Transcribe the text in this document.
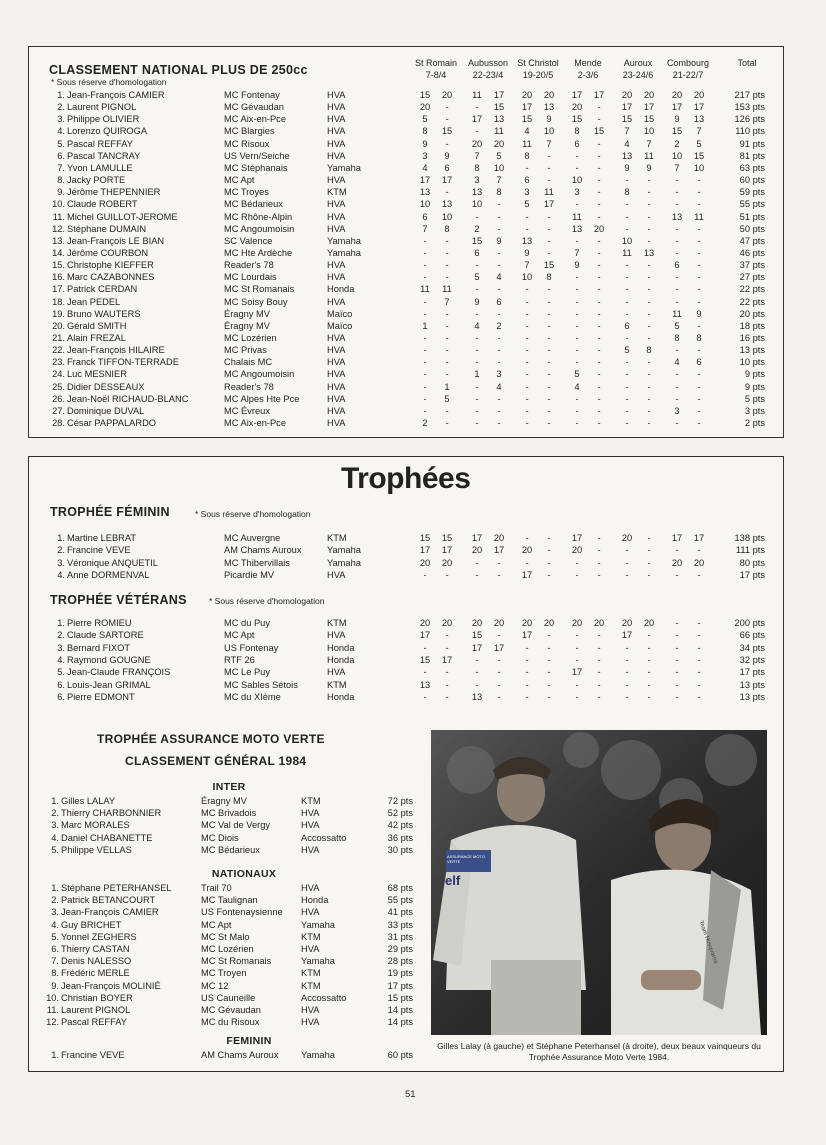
CLASSEMENT NATIONAL PLUS DE 250cc
* Sous réserve d'homologation
St Romain
7-8/4
Aubusson
22-23/4
St Christol
19-20/5
Mende
2-3/6
Auroux
23-24/6
Combourg
21-22/7
Total
1. Jean-François CAMIER	MC Fontenay	HVA	15	20	11	17	20	20	17	17	20	20	20	20	217 pts
2. Laurent PIGNOL	MC Gévaudan	HVA	20	-	-	15	17	13	20	-	17	17	17	17	153 pts
3. Philippe OLIVIER	MC Aix-en-Pce	HVA	5	-	17	13	15	9	15	-	15	15	9	13	126 pts
4. Lorenzo QUIROGA	MC Blargies	HVA	8	15	-	11	4	10	8	15	7	10	15	7	110 pts
5. Pascal REFFAY	MC Risoux	HVA	9	-	20	20	11	7	6	-	4	7	2	5	91 pts
6. Pascal TANCRAY	US Vern/Seiche	HVA	3	9	7	5	8	-	-	-	13	11	10	15	81 pts
7. Yvon LAMULLE	MC Stéphanais	Yamaha	4	6	8	10	-	-	-	-	9	9	7	10	63 pts
8. Jacky PORTE	MC Apt	HVA	17	17	3	7	6	-	10	-	-	-	-	-	60 pts
9. Jérôme THEPENNIER	MC Troyes	KTM	13	-	13	8	3	11	3	-	8	-	-	-	59 pts
10. Claude ROBERT	MC Bédarieux	HVA	10	13	10	-	5	17	-	-	-	-	-	-	55 pts
11. Michel GUILLOT-JEROME	MC Rhône-Alpin	HVA	6	10	-	-	-	-	11	-	-	-	13	11	51 pts
12. Stéphane DUMAIN	MC Angoumoisin	HVA	7	8	2	-	-	-	13	20	-	-	-	-	50 pts
13. Jean-François LE BIAN	SC Valence	Yamaha	-	-	15	9	13	-	-	-	10	-	-	-	47 pts
14. Jérôme COURBON	MC Hte Ardèche	Yamaha	-	-	6	-	9	-	7	-	11	13	-	-	46 pts
15. Christophe KIEFFER	Reader's 78	HVA	-	-	-	-	7	15	9	-	-	-	6	-	37 pts
16. Marc CAZABONNES	MC Lourdais	HVA	-	-	5	4	10	8	-	-	-	-	-	-	27 pts
17. Patrick CERDAN	MC St Romanais	Honda	11	11	-	-	-	-	-	-	-	-	-	-	22 pts
18. Jean PEDEL	MC Soisy Bouy	HVA	-	7	9	6	-	-	-	-	-	-	-	-	22 pts
19. Bruno WAUTERS	Éragny MV	Maïco	-	-	-	-	-	-	-	-	-	-	11	9	20 pts
20. Gérald SMITH	Éragny MV	Maïco	1	-	4	2	-	-	-	-	6	-	5	-	18 pts
21. Alain FREZAL	MC Lozérien	HVA	-	-	-	-	-	-	-	-	-	-	8	8	16 pts
22. Jean-François HILAIRE	MC Privas	HVA	-	-	-	-	-	-	-	-	5	8	-	-	13 pts
23. Franck TIFFON-TERRADE	Chalais MC	HVA	-	-	-	-	-	-	-	-	-	-	4	6	10 pts
24. Luc MESNIER	MC Angoumoisin	HVA	-	-	1	3	-	-	5	-	-	-	-	-	9 pts
25. Didier DESSEAUX	Reader's 78	HVA	-	1	-	4	-	-	4	-	-	-	-	-	9 pts
26. Jean-Noël RICHAUD-BLANC	MC Alpes Hte Pce	HVA	-	5	-	-	-	-	-	-	-	-	-	-	5 pts
27. Dominique DUVAL	MC Évreux	HVA	-	-	-	-	-	-	-	-	-	-	3	-	3 pts
28. César PAPPALARDO	MC Aix-en-Pce	HVA	2	-	-	-	-	-	-	-	-	-	-	-	2 pts
Trophées
TROPHÉE FÉMININ	* Sous réserve d'homologation
1. Martine LEBRAT	MC Auvergne	KTM	15	15	17	20	-	-	17	-	20	-	17	17	138 pts
2. Francine VEVE	AM Chams Auroux	Yamaha	17	17	20	17	20	-	20	-	-	-	-	-	111 pts
3. Véronique ANQUETIL	MC Thibervillais	Yamaha	20	20	-	-	-	-	-	-	-	-	20	20	80 pts
4. Anne DORMENVAL	Picardie MV	HVA	-	-	-	-	17	-	-	-	-	-	-	-	17 pts
TROPHÉE VÉTÉRANS	* Sous réserve d'homologation
1. Pierre ROMIEU	MC du Puy	KTM	20	20	20	20	20	20	20	20	20	20	-	-	200 pts
2. Claude SARTORE	MC Apt	HVA	17	-	15	-	17	-	-	-	17	-	-	-	66 pts
3. Bernard FIXOT	US Fontenay	Honda	-	-	17	17	-	-	-	-	-	-	-	-	34 pts
4. Raymond GOUGNE	RTF 26	Honda	15	17	-	-	-	-	-	-	-	-	-	-	32 pts
5. Jean-Claude FRANÇOIS	MC Le Puy	HVA	-	-	-	-	-	-	17	-	-	-	-	-	17 pts
6. Louis-Jean GRIMAL	MC Sables Sétois	KTM	13	-	-	-	-	-	-	-	-	-	-	-	13 pts
6. Pierre EDMONT	MC du XIème	Honda	-	-	13	-	-	-	-	-	-	-	-	-	13 pts
TROPHÉE ASSURANCE MOTO VERTE
CLASSEMENT GÉNÉRAL 1984
INTER
1. Gilles LALAY	Éragny MV	KTM	72 pts
2. Thierry CHARBONNIER	MC Brivadois	HVA	52 pts
3. Marc MORALES	MC Val de Vergy	HVA	42 pts
4. Daniel CHABANETTE	MC Diois	Accossatto	36 pts
5. Philippe VELLAS	MC Bédarieux	HVA	30 pts
NATIONAUX
1. Stéphane PETERHANSEL	Trail 70	HVA	68 pts
2. Patrick BETANCOURT	MC Taulignan	Honda	55 pts
3. Jean-François CAMIER	US Fontenaysienne HVA	41 pts
4. Guy BRICHET	MC Apt	Yamaha	33 pts
5. Yonnel ZEGHERS	MC St Malo	KTM	31 pts
6. Thierry CASTAN	MC Lozérien	HVA	29 pts
7. Denis NALESSO	MC St Romanais	Yamaha	28 pts
8. Frédéric MERLE	MC Troyen	KTM	19 pts
9. Jean-François MOLINIÉ	MC 12	KTM	17 pts
10. Christian BOYER	US Cauneille	Accossatto	15 pts
11. Laurent PIGNOL	MC Gévaudan	HVA	14 pts
12. Pascal REFFAY	MC du Risoux	HVA	14 pts
FEMININ
1. Francine VEVE	AM Chams Auroux Yamaha	60 pts
elf
ASSURANCE MOTO VERTE
Team Husqvarna
Gilles Lalay (à gauche) et Stéphane Peterhansel (à droite), deux beaux vainqueurs du Trophée Assurance Moto Verte 1984.
51
